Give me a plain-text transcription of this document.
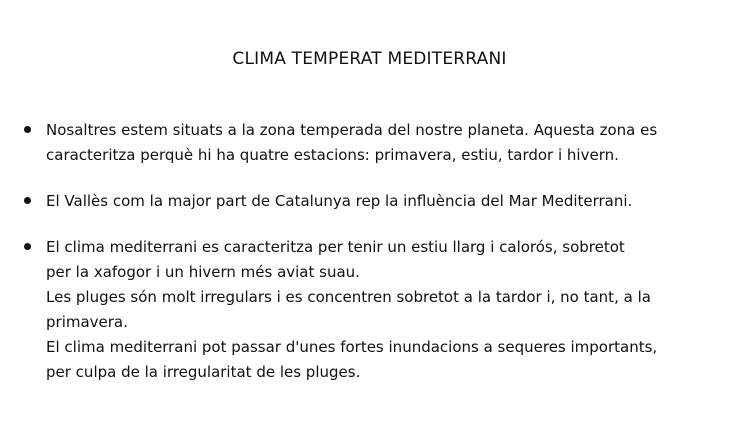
CLIMA TEMPERAT MEDITERRANI
Nosaltres estem situats a la zona temperada del nostre planeta. Aquesta zona es
caracteritza perquè hi ha quatre estacions: primavera, estiu, tardor i hivern.
El Vallès com la major part de Catalunya rep la influència del Mar Mediterrani.
El clima mediterrani es caracteritza per tenir un estiu llarg i calorós, sobretot
per la xafogor i un hivern més aviat suau.
Les pluges són molt irregulars i es concentren sobretot a la tardor i, no tant, a la
primavera.
El clima mediterrani pot passar d'unes fortes inundacions a sequeres importants,
per culpa de la irregularitat de les pluges.
